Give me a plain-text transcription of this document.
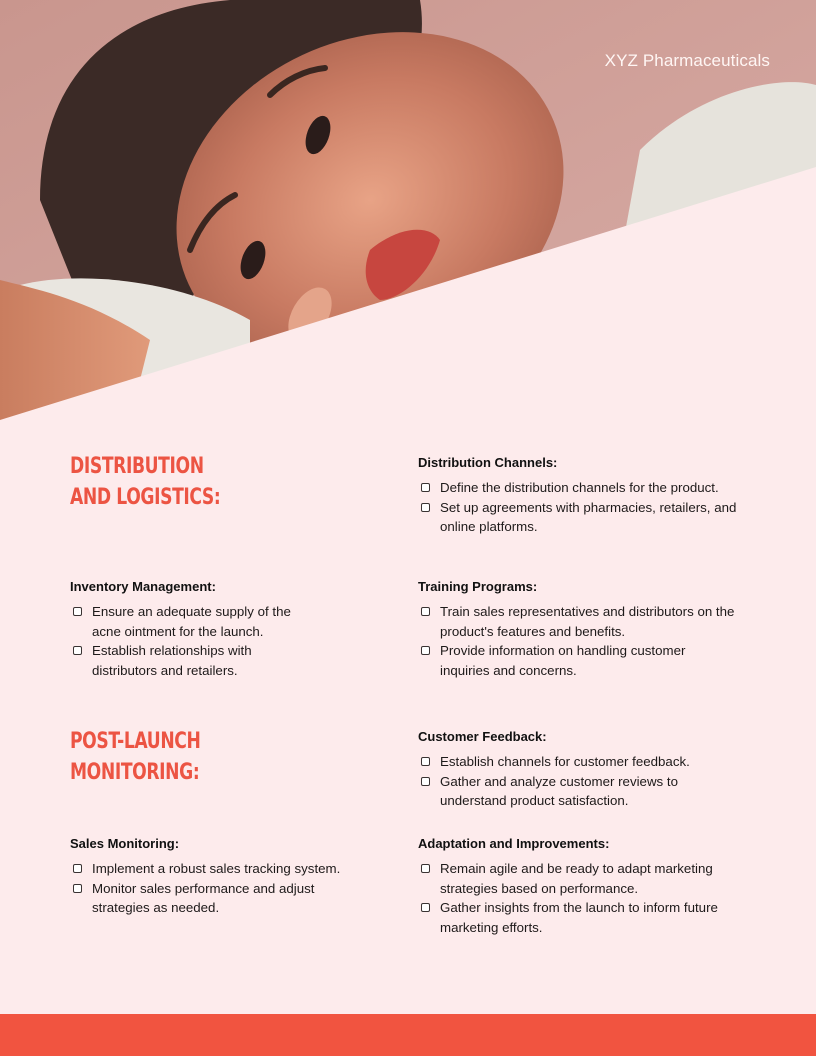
XYZ Pharmaceuticals
DISTRIBUTION
AND LOGISTICS:
Distribution Channels:
Define the distribution channels for the product.
Set up agreements with pharmacies, retailers, and online platforms.
Inventory Management:
Ensure an adequate supply of the acne ointment for the launch.
Establish relationships with distributors and retailers.
Training Programs:
Train sales representatives and distributors on the product's features and benefits.
Provide information on handling customer inquiries and concerns.
POST-LAUNCH
MONITORING:
Customer Feedback:
Establish channels for customer feedback.
Gather and analyze customer reviews to understand product satisfaction.
Sales Monitoring:
Implement a robust sales tracking system.
Monitor sales performance and adjust strategies as needed.
Adaptation and Improvements:
Remain agile and be ready to adapt marketing strategies based on performance.
Gather insights from the launch to inform future marketing efforts.
